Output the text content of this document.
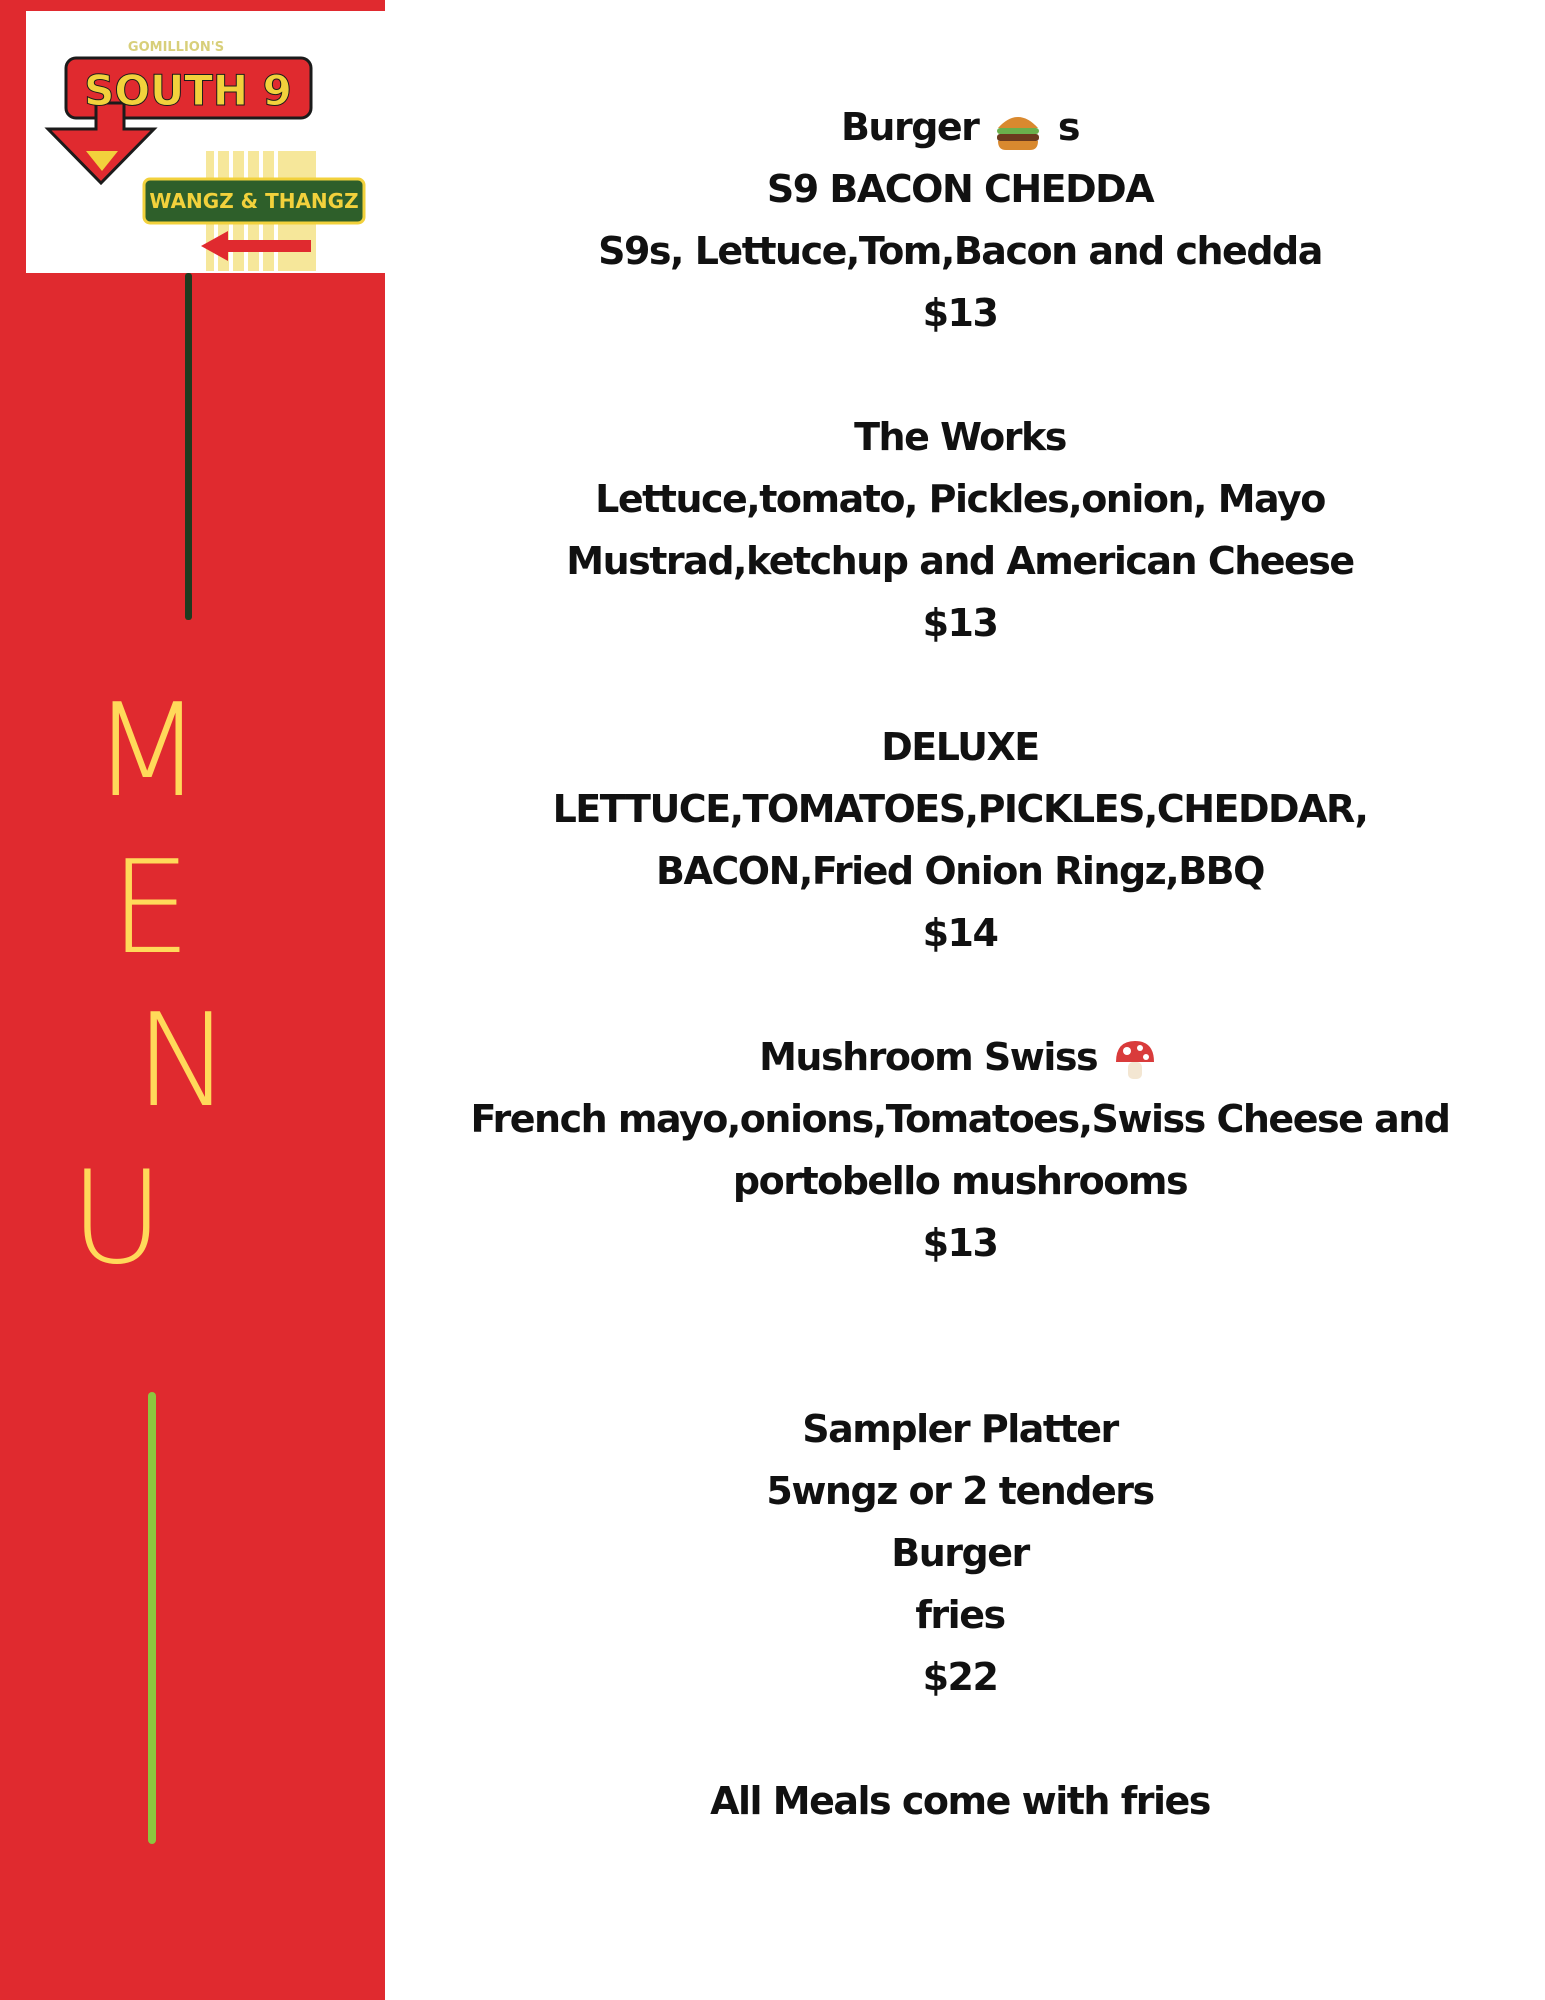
GOMILLION'S
SOUTH 9
WANGZ & THANGZ
M
E
N
U
Burger s
S9 BACON CHEDDA
S9s, Lettuce,Tom,Bacon and chedda
$13
The Works
Lettuce,tomato, Pickles,onion, Mayo
Mustrad,ketchup and American Cheese
$13
DELUXE
LETTUCE,TOMATOES,PICKLES,CHEDDAR,
BACON,Fried Onion Ringz,BBQ
$14
Mushroom Swiss
French mayo,onions,Tomatoes,Swiss Cheese and
portobello mushrooms
$13
Sampler Platter
5wngz or 2 tenders
Burger
fries
$22
All Meals come with fries
